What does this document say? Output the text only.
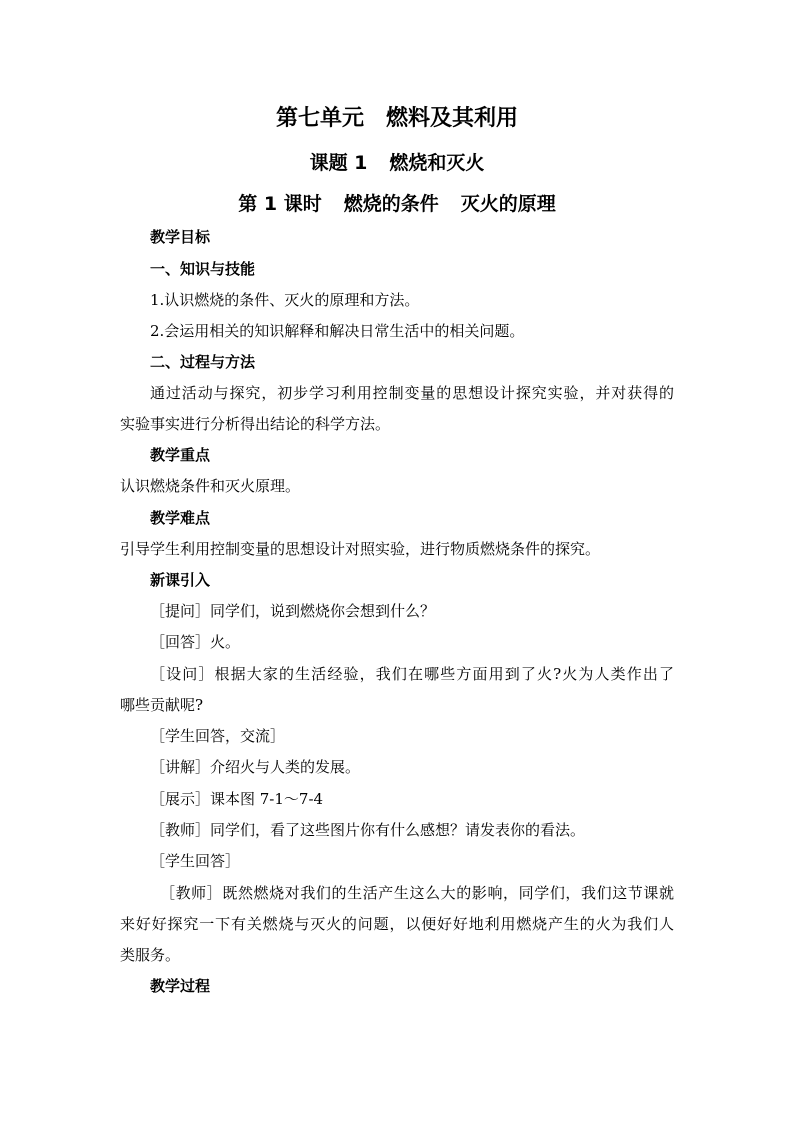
第七单元 燃料及其利用
课题 1 燃烧和灭火
第 1 课时 燃烧的条件 灭火的原理
教学目标
一、知识与技能
1.认识燃烧的条件、灭火的原理和方法。
2.会运用相关的知识解释和解决日常生活中的相关问题。
二、过程与方法
通过活动与探究，初步学习利用控制变量的思想设计探究实验，并对获得的
实验事实进行分析得出结论的科学方法。
教学重点
认识燃烧条件和灭火原理。
教学难点
引导学生利用控制变量的思想设计对照实验，进行物质燃烧条件的探究。
新课引入
［提问］同学们，说到燃烧你会想到什么？
［回答］火。
［设问］根据大家的生活经验，我们在哪些方面用到了火?火为人类作出了
哪些贡献呢?
［学生回答，交流］
［讲解］介绍火与人类的发展。
［展示］课本图 7-1～7-4
［教师］同学们，看了这些图片你有什么感想？请发表你的看法。
［学生回答］
［教师］既然燃烧对我们的生活产生这么大的影响，同学们，我们这节课就
来好好探究一下有关燃烧与灭火的问题，以便好好地利用燃烧产生的火为我们人
类服务。
教学过程
